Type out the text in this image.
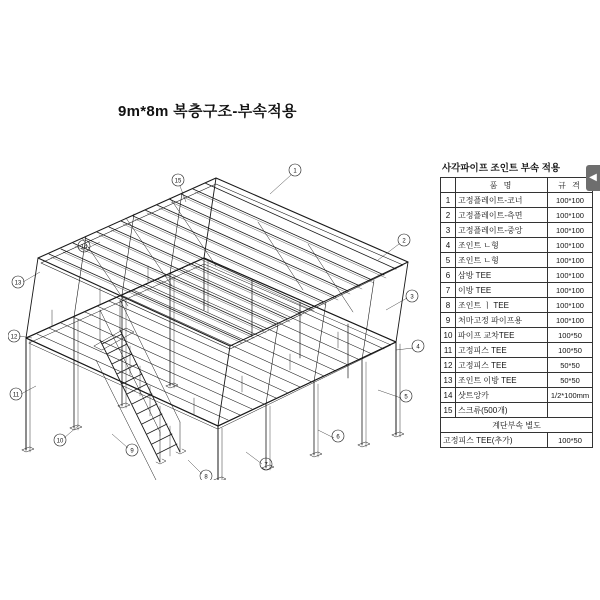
9m*8m 복층구조-부속적용
1
2
3
4
5
6
7
8
9
10
11
12
13
14
15
사각파이프 조인트 부속 적용
	품 명	규 격
1	고정플레이트-코너	100*100
2	고정플레이트-측면	100*100
3	고정플레이트-중앙	100*100
4	조인트 ㄴ형	100*100
5	조인트 ㄴ형	100*100
6	삼방 TEE	100*100
7	이방 TEE	100*100
8	조인트 ㅣ TEE	100*100
9	처마고정 파이프용	100*100
10	파이프 교차TEE	100*50
11	고정피스 TEE	100*50
12	고정피스 TEE	50*50
13	조인트 이방 TEE	50*50
14	샷트앙카	1/2*100mm
15	스크류(500개)	
계단부속 별도		
고정피스 TEE(추가)		100*50
◀
